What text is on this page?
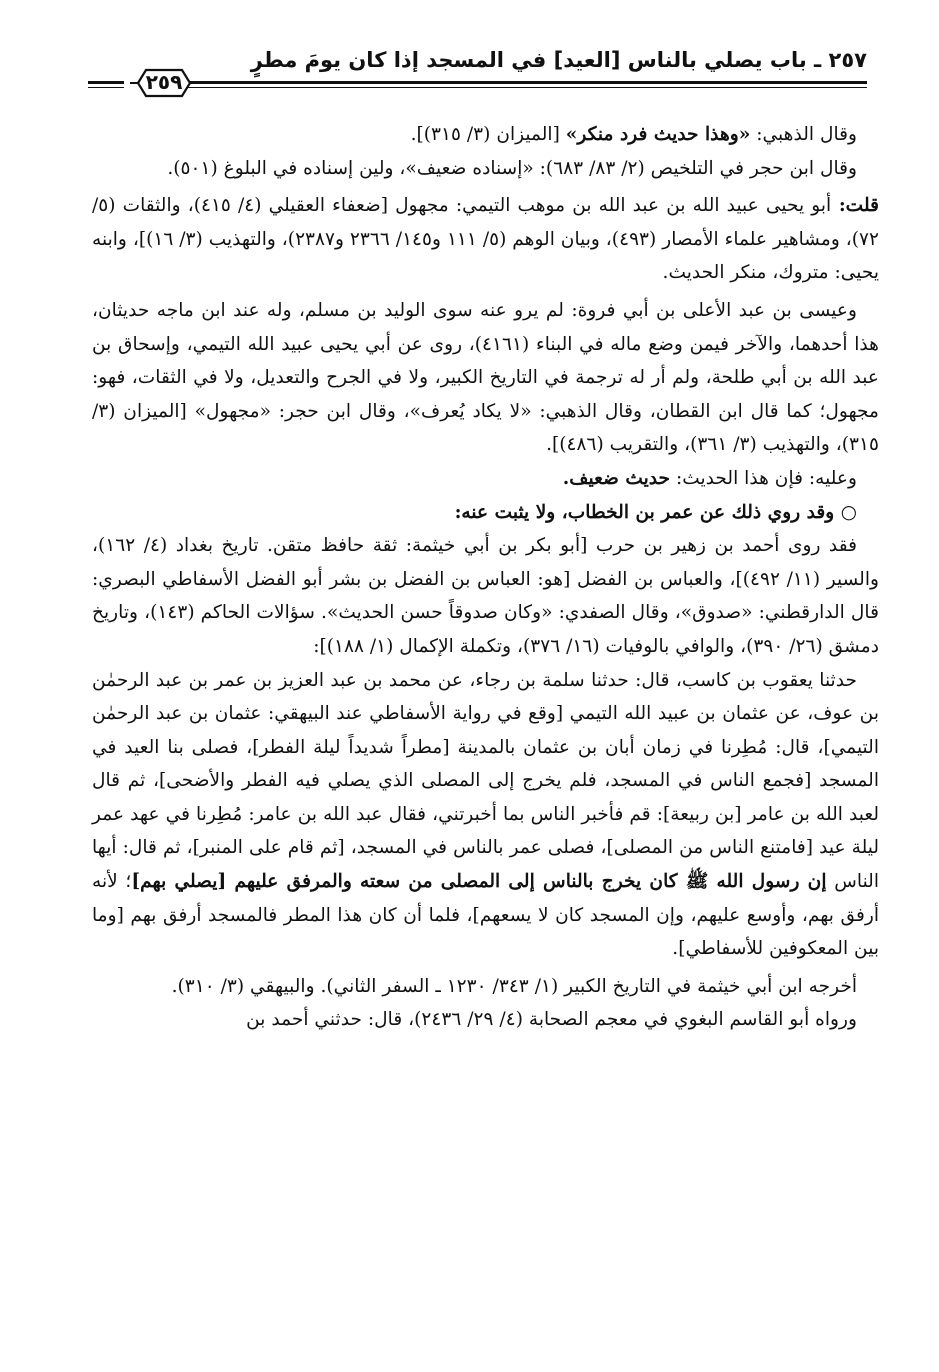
٢٥٧ ـ باب يصلي بالناس [العيد] في المسجد إذا كان يومَ مطرٍ
٢٥٩

وقال الذهبي: «وهذا حديث فرد منكر» [الميزان (٣/ ٣١٥)].

وقال ابن حجر في التلخيص (٢/ ٨٣/ ٦٨٣): «إسناده ضعيف»، ولين إسناده في البلوغ (٥٠١).

قلت: أبو يحيى عبيد الله بن عبد الله بن موهب التيمي: مجهول [ضعفاء العقيلي (٤/ ٤١٥)، والثقات (٥/ ٧٢)، ومشاهير علماء الأمصار (٤٩٣)، وبيان الوهم (٥/ ١١١ و١٤٥/ ٢٣٦٦ و٢٣٨٧)، والتهذيب (٣/ ١٦)]، وابنه يحيى: متروك، منكر الحديث.

وعيسى بن عبد الأعلى بن أبي فروة: لم يرو عنه سوى الوليد بن مسلم، وله عند ابن ماجه حديثان، هذا أحدهما، والآخر فيمن وضع ماله في البناء (٤١٦١)، روى عن أبي يحيى عبيد الله التيمي، وإسحاق بن عبد الله بن أبي طلحة، ولم أر له ترجمة في التاريخ الكبير، ولا في الجرح والتعديل، ولا في الثقات، فهو: مجهول؛ كما قال ابن القطان، وقال الذهبي: «لا يكاد يُعرف»، وقال ابن حجر: «مجهول» [الميزان (٣/ ٣١٥)، والتهذيب (٣/ ٣٦١)، والتقريب (٤٨٦)].

وعليه: فإن هذا الحديث: حديث ضعيف.

○ وقد روي ذلك عن عمر بن الخطاب، ولا يثبت عنه:

فقد روى أحمد بن زهير بن حرب [أبو بكر بن أبي خيثمة: ثقة حافظ متقن. تاريخ بغداد (٤/ ١٦٢)، والسير (١١/ ٤٩٢)]، والعباس بن الفضل [هو: العباس بن الفضل بن بشر أبو الفضل الأسفاطي البصري: قال الدارقطني: «صدوق»، وقال الصفدي: «وكان صدوقاً حسن الحديث». سؤالات الحاكم (١٤٣)، وتاريخ دمشق (٢٦/ ٣٩٠)، والوافي بالوفيات (١٦/ ٣٧٦)، وتكملة الإكمال (١/ ١٨٨)]:

حدثنا يعقوب بن كاسب، قال: حدثنا سلمة بن رجاء، عن محمد بن عبد العزيز بن عمر بن عبد الرحمٰن بن عوف، عن عثمان بن عبيد الله التيمي [وقع في رواية الأسفاطي عند البيهقي: عثمان بن عبد الرحمٰن التيمي]، قال: مُطِرنا في زمان أبان بن عثمان بالمدينة [مطراً شديداً ليلة الفطر]، فصلى بنا العيد في المسجد [فجمع الناس في المسجد، فلم يخرج إلى المصلى الذي يصلي فيه الفطر والأضحى]، ثم قال لعبد الله بن عامر [بن ربيعة]: قم فأخبر الناس بما أخبرتني، فقال عبد الله بن عامر: مُطِرنا في عهد عمر ليلة عيد [فامتنع الناس من المصلى]، فصلى عمر بالناس في المسجد، [ثم قام على المنبر]، ثم قال: أيها الناس إن رسول الله ﷺ كان يخرج بالناس إلى المصلى من سعته والمرفق عليهم [يصلي بهم]؛ لأنه أرفق بهم، وأوسع عليهم، وإن المسجد كان لا يسعهم]، فلما أن كان هذا المطر فالمسجد أرفق بهم [وما بين المعكوفين للأسفاطي].

أخرجه ابن أبي خيثمة في التاريخ الكبير (١/ ٣٤٣/ ١٢٣٠ ـ السفر الثاني). والبيهقي (٣/ ٣١٠).

ورواه أبو القاسم البغوي في معجم الصحابة (٤/ ٢٩/ ٢٤٣٦)، قال: حدثني أحمد بن
